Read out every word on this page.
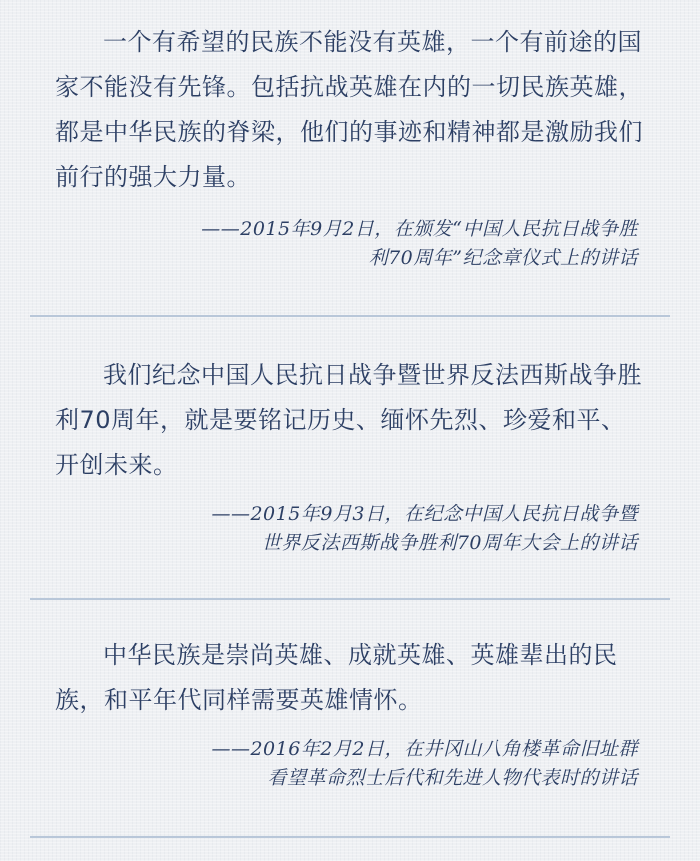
一个有希望的民族不能没有英雄，一个有前途的国家不能没有先锋。包括抗战英雄在内的一切民族英雄，都是中华民族的脊梁，他们的事迹和精神都是激励我们前行的强大力量。

——2015年9月2日，在颁发“中国人民抗日战争胜
利70周年”纪念章仪式上的讲话

我们纪念中国人民抗日战争暨世界反法西斯战争胜利70周年，就是要铭记历史、缅怀先烈、珍爱和平、开创未来。

——2015年9月3日，在纪念中国人民抗日战争暨
世界反法西斯战争胜利70周年大会上的讲话

中华民族是崇尚英雄、成就英雄、英雄辈出的民族，和平年代同样需要英雄情怀。

——2016年2月2日，在井冈山八角楼革命旧址群
看望革命烈士后代和先进人物代表时的讲话
